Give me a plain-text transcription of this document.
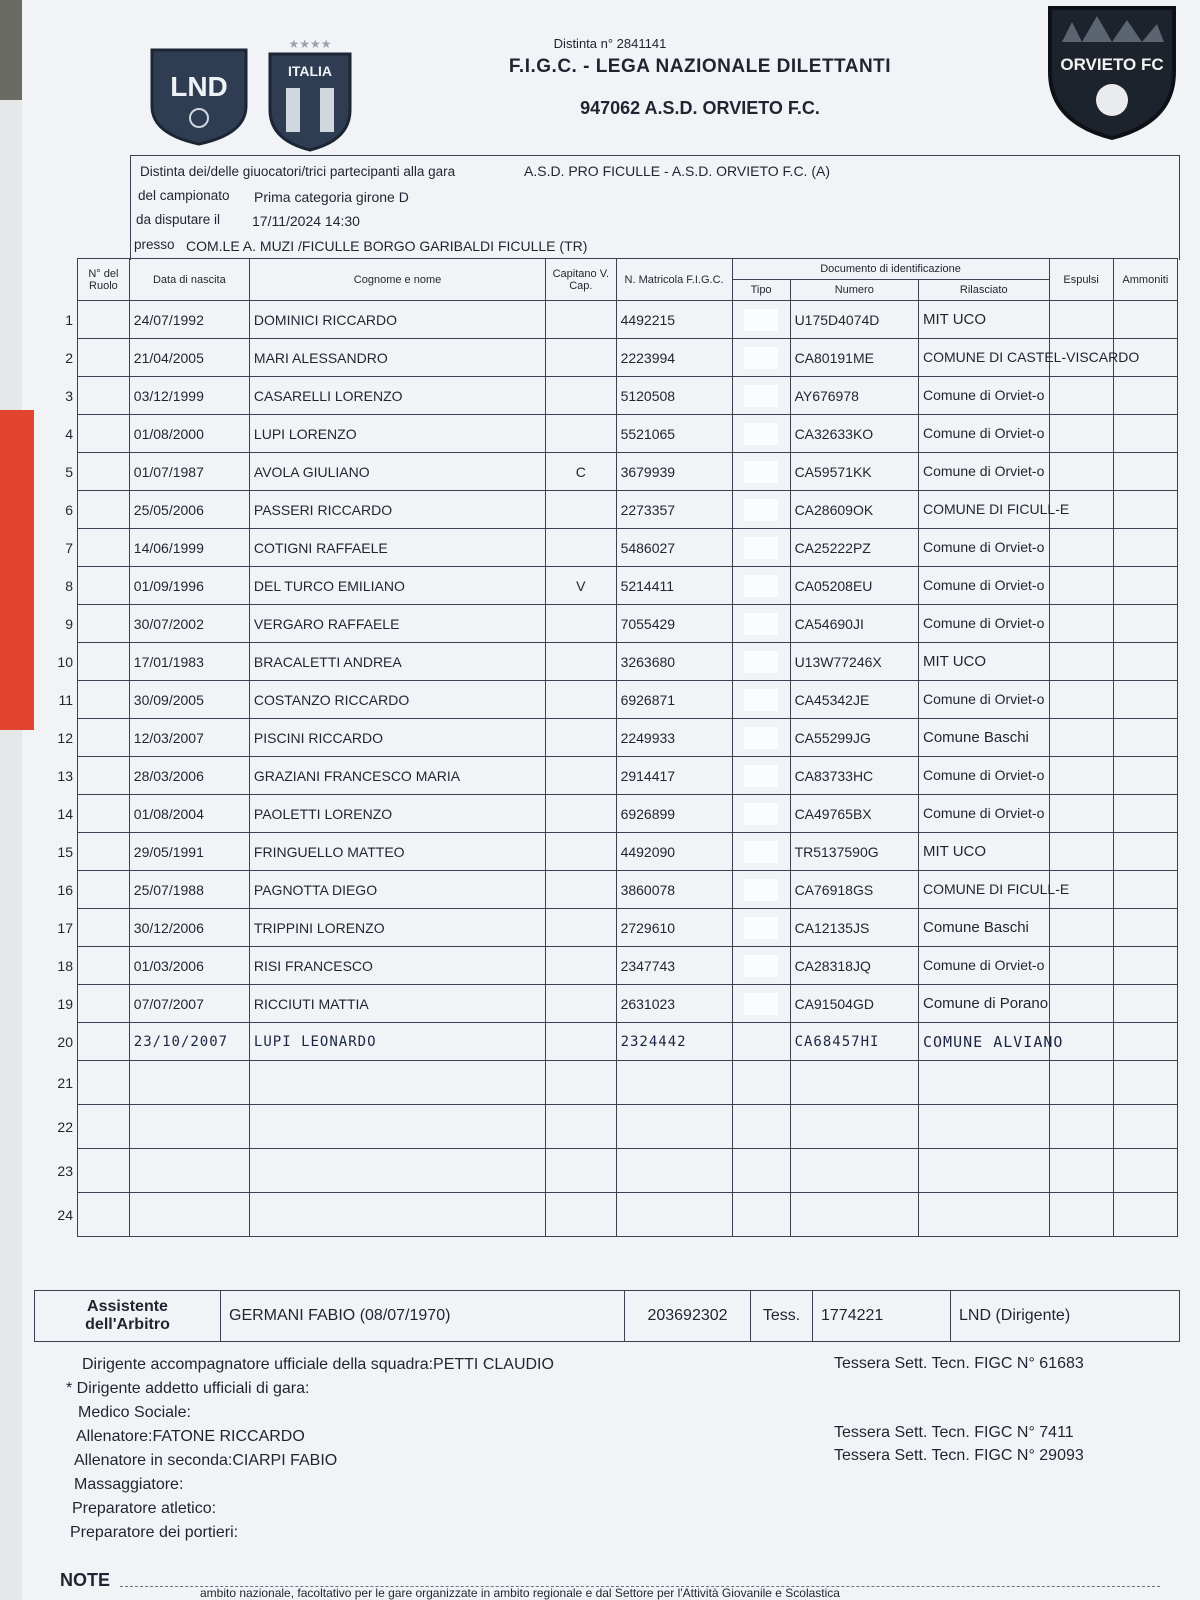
LND
★★★★
ITALIA	ORVIETO FC
Distinta n° 2841141
F.I.G.C. - LEGA NAZIONALE DILETTANTI
947062 A.S.D. ORVIETO F.C.
Distinta dei/delle giuocatori/trici partecipanti alla gara	A.S.D. PRO FICULLE - A.S.D. ORVIETO F.C. (A)
del campionato Prima categoria girone D
da disputare il 17/11/2024 14:30
presso COM.LE A. MUZI /FICULLE BORGO GARIBALDI FICULLE (TR)
	N° del Ruolo	Data di nascita	Cognome e nome	Capitano V. Cap.	N. Matricola F.I.G.C.	Documento di identificazione			Espulsi	Ammoniti
						Tipo	Numero	Rilasciato		
1		24/07/1992	DOMINICI RICCARDO		4492215		U175D4074D	MIT UCO		
2		21/04/2005	MARI ALESSANDRO		2223994		CA80191ME	COMUNE DI CASTEL-VISCARDO		
3		03/12/1999	CASARELLI LORENZO		5120508		AY676978	Comune di Orviet-o		
4		01/08/2000	LUPI LORENZO		5521065		CA32633KO	Comune di Orviet-o		
5		01/07/1987	AVOLA GIULIANO	C	3679939		CA59571KK	Comune di Orviet-o		
6		25/05/2006	PASSERI RICCARDO		2273357		CA28609OK	COMUNE DI FICULL-E		
7		14/06/1999	COTIGNI RAFFAELE		5486027		CA25222PZ	Comune di Orviet-o		
8		01/09/1996	DEL TURCO EMILIANO	V	5214411		CA05208EU	Comune di Orviet-o		
9		30/07/2002	VERGARO RAFFAELE		7055429		CA54690JI	Comune di Orviet-o		
10		17/01/1983	BRACALETTI ANDREA		3263680		U13W77246X	MIT UCO		
11		30/09/2005	COSTANZO RICCARDO		6926871		CA45342JE	Comune di Orviet-o		
12		12/03/2007	PISCINI RICCARDO		2249933		CA55299JG	Comune Baschi		
13		28/03/2006	GRAZIANI FRANCESCO MARIA		2914417		CA83733HC	Comune di Orviet-o		
14		01/08/2004	PAOLETTI LORENZO		6926899		CA49765BX	Comune di Orviet-o		
15		29/05/1991	FRINGUELLO MATTEO		4492090		TR5137590G	MIT UCO		
16		25/07/1988	PAGNOTTA DIEGO		3860078		CA76918GS	COMUNE DI FICULL-E		
17		30/12/2006	TRIPPINI LORENZO		2729610		CA12135JS	Comune Baschi		
18		01/03/2006	RISI FRANCESCO		2347743		CA28318JQ	Comune di Orviet-o		
19		07/07/2007	RICCIUTI MATTIA		2631023		CA91504GD	Comune di Porano		
20		23/10/2007	LUPI LEONARDO		2324442		CA68457HI	COMUNE ALVIANO		
21										
22										
23										
24										
Assistente dell'Arbitro
GERMANI FABIO (08/07/1970)	203692302	Tess.	1774221	LND (Dirigente)
Dirigente accompagnatore ufficiale della squadra:PETTI CLAUDIO	Tessera Sett. Tecn. FIGC N° 61683
* Dirigente addetto ufficiali di gara:
Medico Sociale:
Allenatore:FATONE RICCARDO	Tessera Sett. Tecn. FIGC N° 7411
Allenatore in seconda:CIARPI FABIO	Tessera Sett. Tecn. FIGC N° 29093
Massaggiatore:
Preparatore atletico:
Preparatore dei portieri:
NOTE
ambito nazionale, facoltativo per le gare organizzate in ambito regionale e dal Settore per l'Attività Giovanile e Scolastica
